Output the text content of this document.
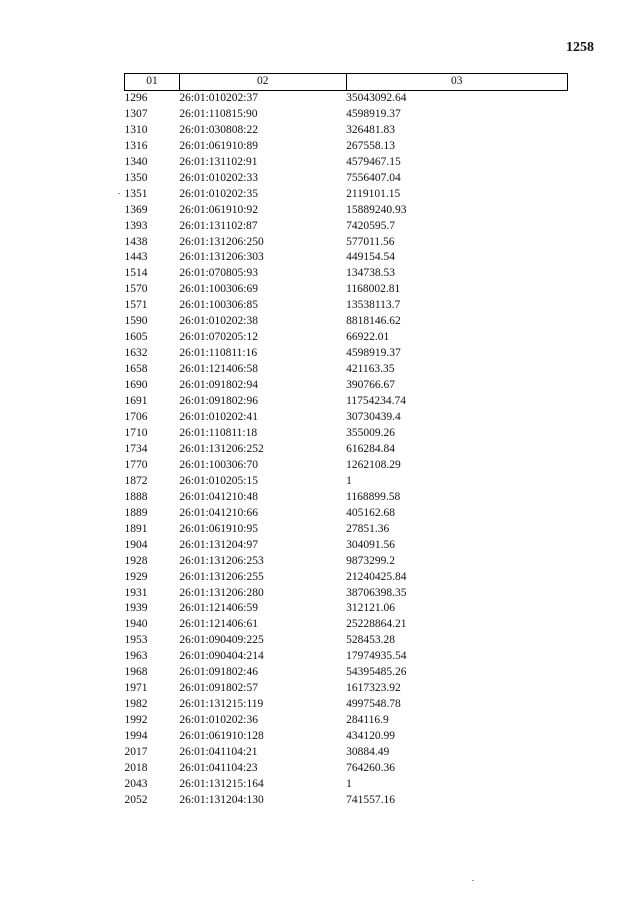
1258
01	02	03
1296	26:01:010202:37	35043092.64
1307	26:01:110815:90	4598919.37
1310	26:01:030808:22	326481.83
1316	26:01:061910:89	267558.13
1340	26:01:131102:91	4579467.15
1350	26:01:010202:33	7556407.04
1351	26:01:010202:35	2119101.15
1369	26:01:061910:92	15889240.93
1393	26:01:131102:87	7420595.7
1438	26:01:131206:250	577011.56
1443	26:01:131206:303	449154.54
1514	26:01:070805:93	134738.53
1570	26:01:100306:69	1168002.81
1571	26:01:100306:85	13538113.7
1590	26:01:010202:38	8818146.62
1605	26:01:070205:12	66922.01
1632	26:01:110811:16	4598919.37
1658	26:01:121406:58	421163.35
1690	26:01:091802:94	390766.67
1691	26:01:091802:96	11754234.74
1706	26:01:010202:41	30730439.4
1710	26:01:110811:18	355009.26
1734	26:01:131206:252	616284.84
1770	26:01:100306:70	1262108.29
1872	26:01:010205:15	1
1888	26:01:041210:48	1168899.58
1889	26:01:041210:66	405162.68
1891	26:01:061910:95	27851.36
1904	26:01:131204:97	304091.56
1928	26:01:131206:253	9873299.2
1929	26:01:131206:255	21240425.84
1931	26:01:131206:280	38706398.35
1939	26:01:121406:59	312121.06
1940	26:01:121406:61	25228864.21
1953	26:01:090409:225	528453.28
1963	26:01:090404:214	17974935.54
1968	26:01:091802:46	54395485.26
1971	26:01:091802:57	1617323.92
1982	26:01:131215:119	4997548.78
1992	26:01:010202:36	284116.9
1994	26:01:061910:128	434120.99
2017	26:01:041104:21	30884.49
2018	26:01:041104:23	764260.36
2043	26:01:131215:164	1
2052	26:01:131204:130	741557.16
